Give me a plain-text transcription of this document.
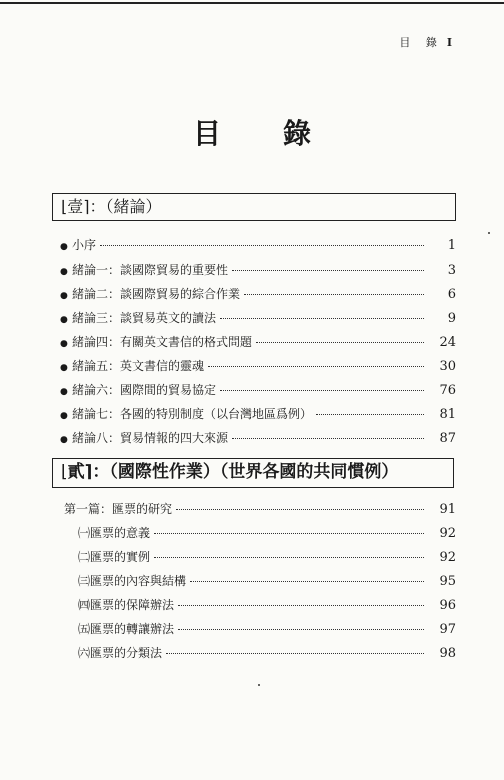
目 錄 I
目錄
⌊壹⌉：（緒論）
● 小序	1
● 緒論一：談國際貿易的重要性	3
● 緒論二：談國際貿易的綜合作業	6
● 緒論三：談貿易英文的讀法	9
● 緒論四：有關英文書信的格式問題	24
● 緒論五：英文書信的靈魂	30
● 緒論六：國際間的貿易協定	76
● 緒論七：各國的特別制度（以台灣地區爲例）	81
● 緒論八：貿易情報的四大來源	87
⌊貳⌉：（國際性作業）（世界各國的共同慣例）
第一篇：匯票的研究	91
㈠匯票的意義	92
㈡匯票的實例	92
㈢匯票的內容與結構	95
㈣匯票的保障辦法	96
㈤匯票的轉讓辦法	97
㈥匯票的分類法	98
